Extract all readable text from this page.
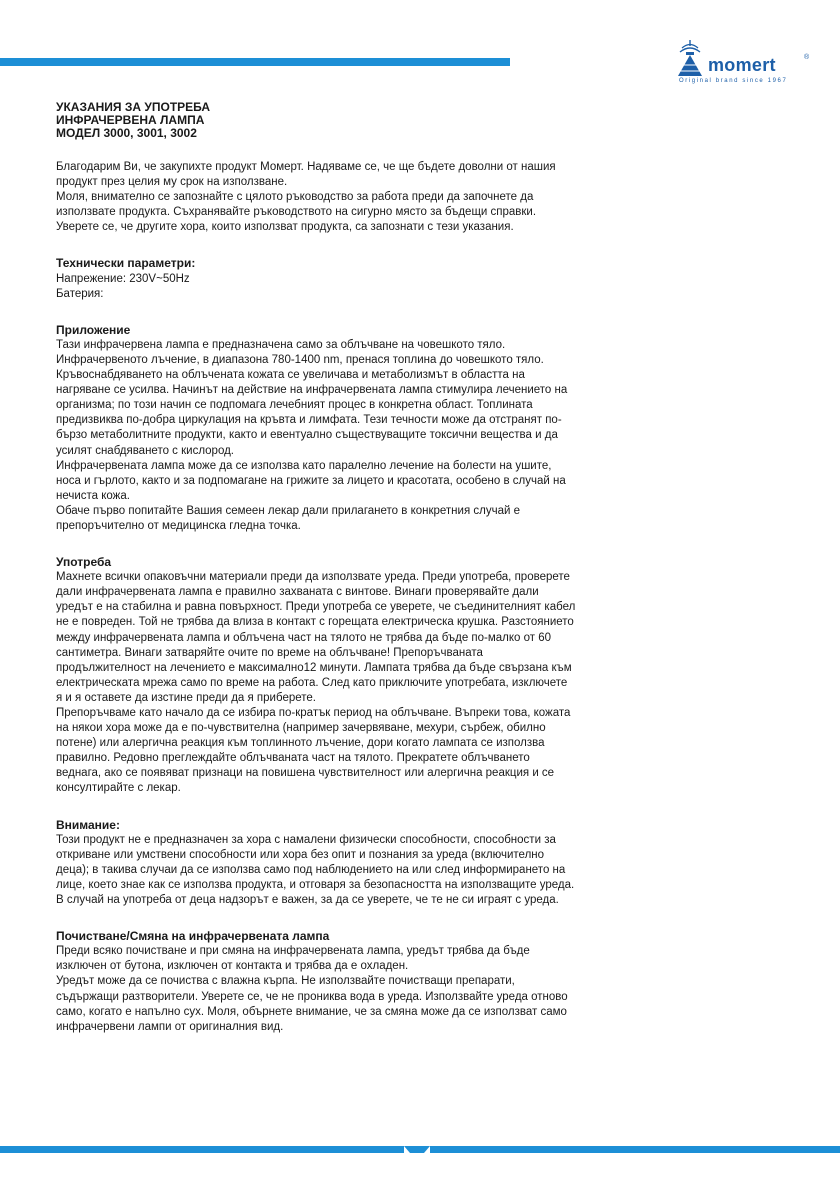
momert	®
Original brand since 1967
УКАЗАНИЯ ЗА УПОТРЕБА
ИНФРАЧЕРВЕНА ЛАМПА
МОДЕЛ 3000, 3001, 3002

Благодарим Ви, че закупихте продукт Момерт. Надяваме се, че ще бъдете доволни от нашия продукт през целия му срок на използване.

Моля, внимателно се запознайте с цялото ръководство за работа преди да започнете да използвате продукта. Съхранявайте ръководството на сигурно място за бъдещи справки. Уверете се, че другите хора, които използват продукта, са запознати с тези указания.

Технически параметри:

Напрежение: 230V~50Hz

Батерия:

Приложение

Тази инфрачервена лампа е предназначена само за облъчване на човешкото тяло. Инфрачервеното лъчение, в диапазона 780-1400 nm, пренася топлина до човешкото тяло. Кръвоснабдяването на облъчената кожата се увеличава и метаболизмът в областта на нагряване се усилва. Начинът на действие на инфрачервената лампа стимулира лечението на организма; по този начин се подпомага лечебният процес в конкретна област. Топлината предизвиква по-добра циркулация на кръвта и лимфата. Тези течности може да отстранят по-бързо метаболитните продукти, както и евентуално съществуващите токсични вещества и да усилят снабдяването с кислород.

Инфрачервената лампа може да се използва като паралелно лечение на болести на ушите, носа и гърлото, както и за подпомагане на грижите за лицето и красотата, особено в случай на нечиста кожа.

Обаче първо попитайте Вашия семеен лекар дали прилагането в конкретния случай е препоръчително от медицинска гледна точка.

Употреба

Махнете всички опаковъчни материали преди да използвате уреда. Преди употреба, проверете дали инфрачервената лампа е правилно захваната с винтове. Винаги проверявайте дали уредът е на стабилна и равна повърхност. Преди употреба се уверете, че съединителният кабел не е повреден. Той не трябва да влиза в контакт с горещата електрическа крушка. Разстоянието между инфрачервената лампа и облъчена част на тялото не трябва да бъде по-малко от 60 сантиметра. Винаги затваряйте очите по време на облъчване! Препоръчваната продължителност на лечението е максимално12 минути. Лампата трябва да бъде свързана към електрическата мрежа само по време на работа. След като приключите употребата, изключете я и я оставете да изстине преди да я приберете.

Препоръчваме като начало да се избира по-кратък период на облъчване. Въпреки това, кожата на някои хора може да е по-чувствителна (например зачервяване, мехури, сърбеж, обилно потене) или алергична реакция към топлинното лъчение, дори когато лампата се използва правилно. Редовно преглеждайте облъчваната част на тялото. Прекратете облъчването веднага, ако се появяват признаци на повишена чувствителност или алергична реакция и се консултирайте с лекар.

Внимание:

Този продукт не е предназначен за хора с намалени физически способности, способности за откриване или умствени способности или хора без опит и познания за уреда (включително деца); в такива случаи да се използва само под наблюдението на или след информирането на лице, което знае как се използва продукта, и отговаря за безопасността на използващите уреда.

В случай на употреба от деца надзорът е важен, за да се уверете, че те не си играят с уреда.

Почистване/Смяна на инфрачервената лампа

Преди всяко почистване и при смяна на инфрачервената лампа, уредът трябва да бъде изключен от бутона, изключен от контакта и трябва да е охладен.

Уредът може да се почиства с влажна кърпа. Не използвайте почистващи препарати, съдържащи разтворители. Уверете се, че не прониква вода в уреда. Използвайте уреда отново само, когато е напълно сух. Моля, обърнете внимание, че за смяна може да се използват само инфрачервени лампи от оригиналния вид.
